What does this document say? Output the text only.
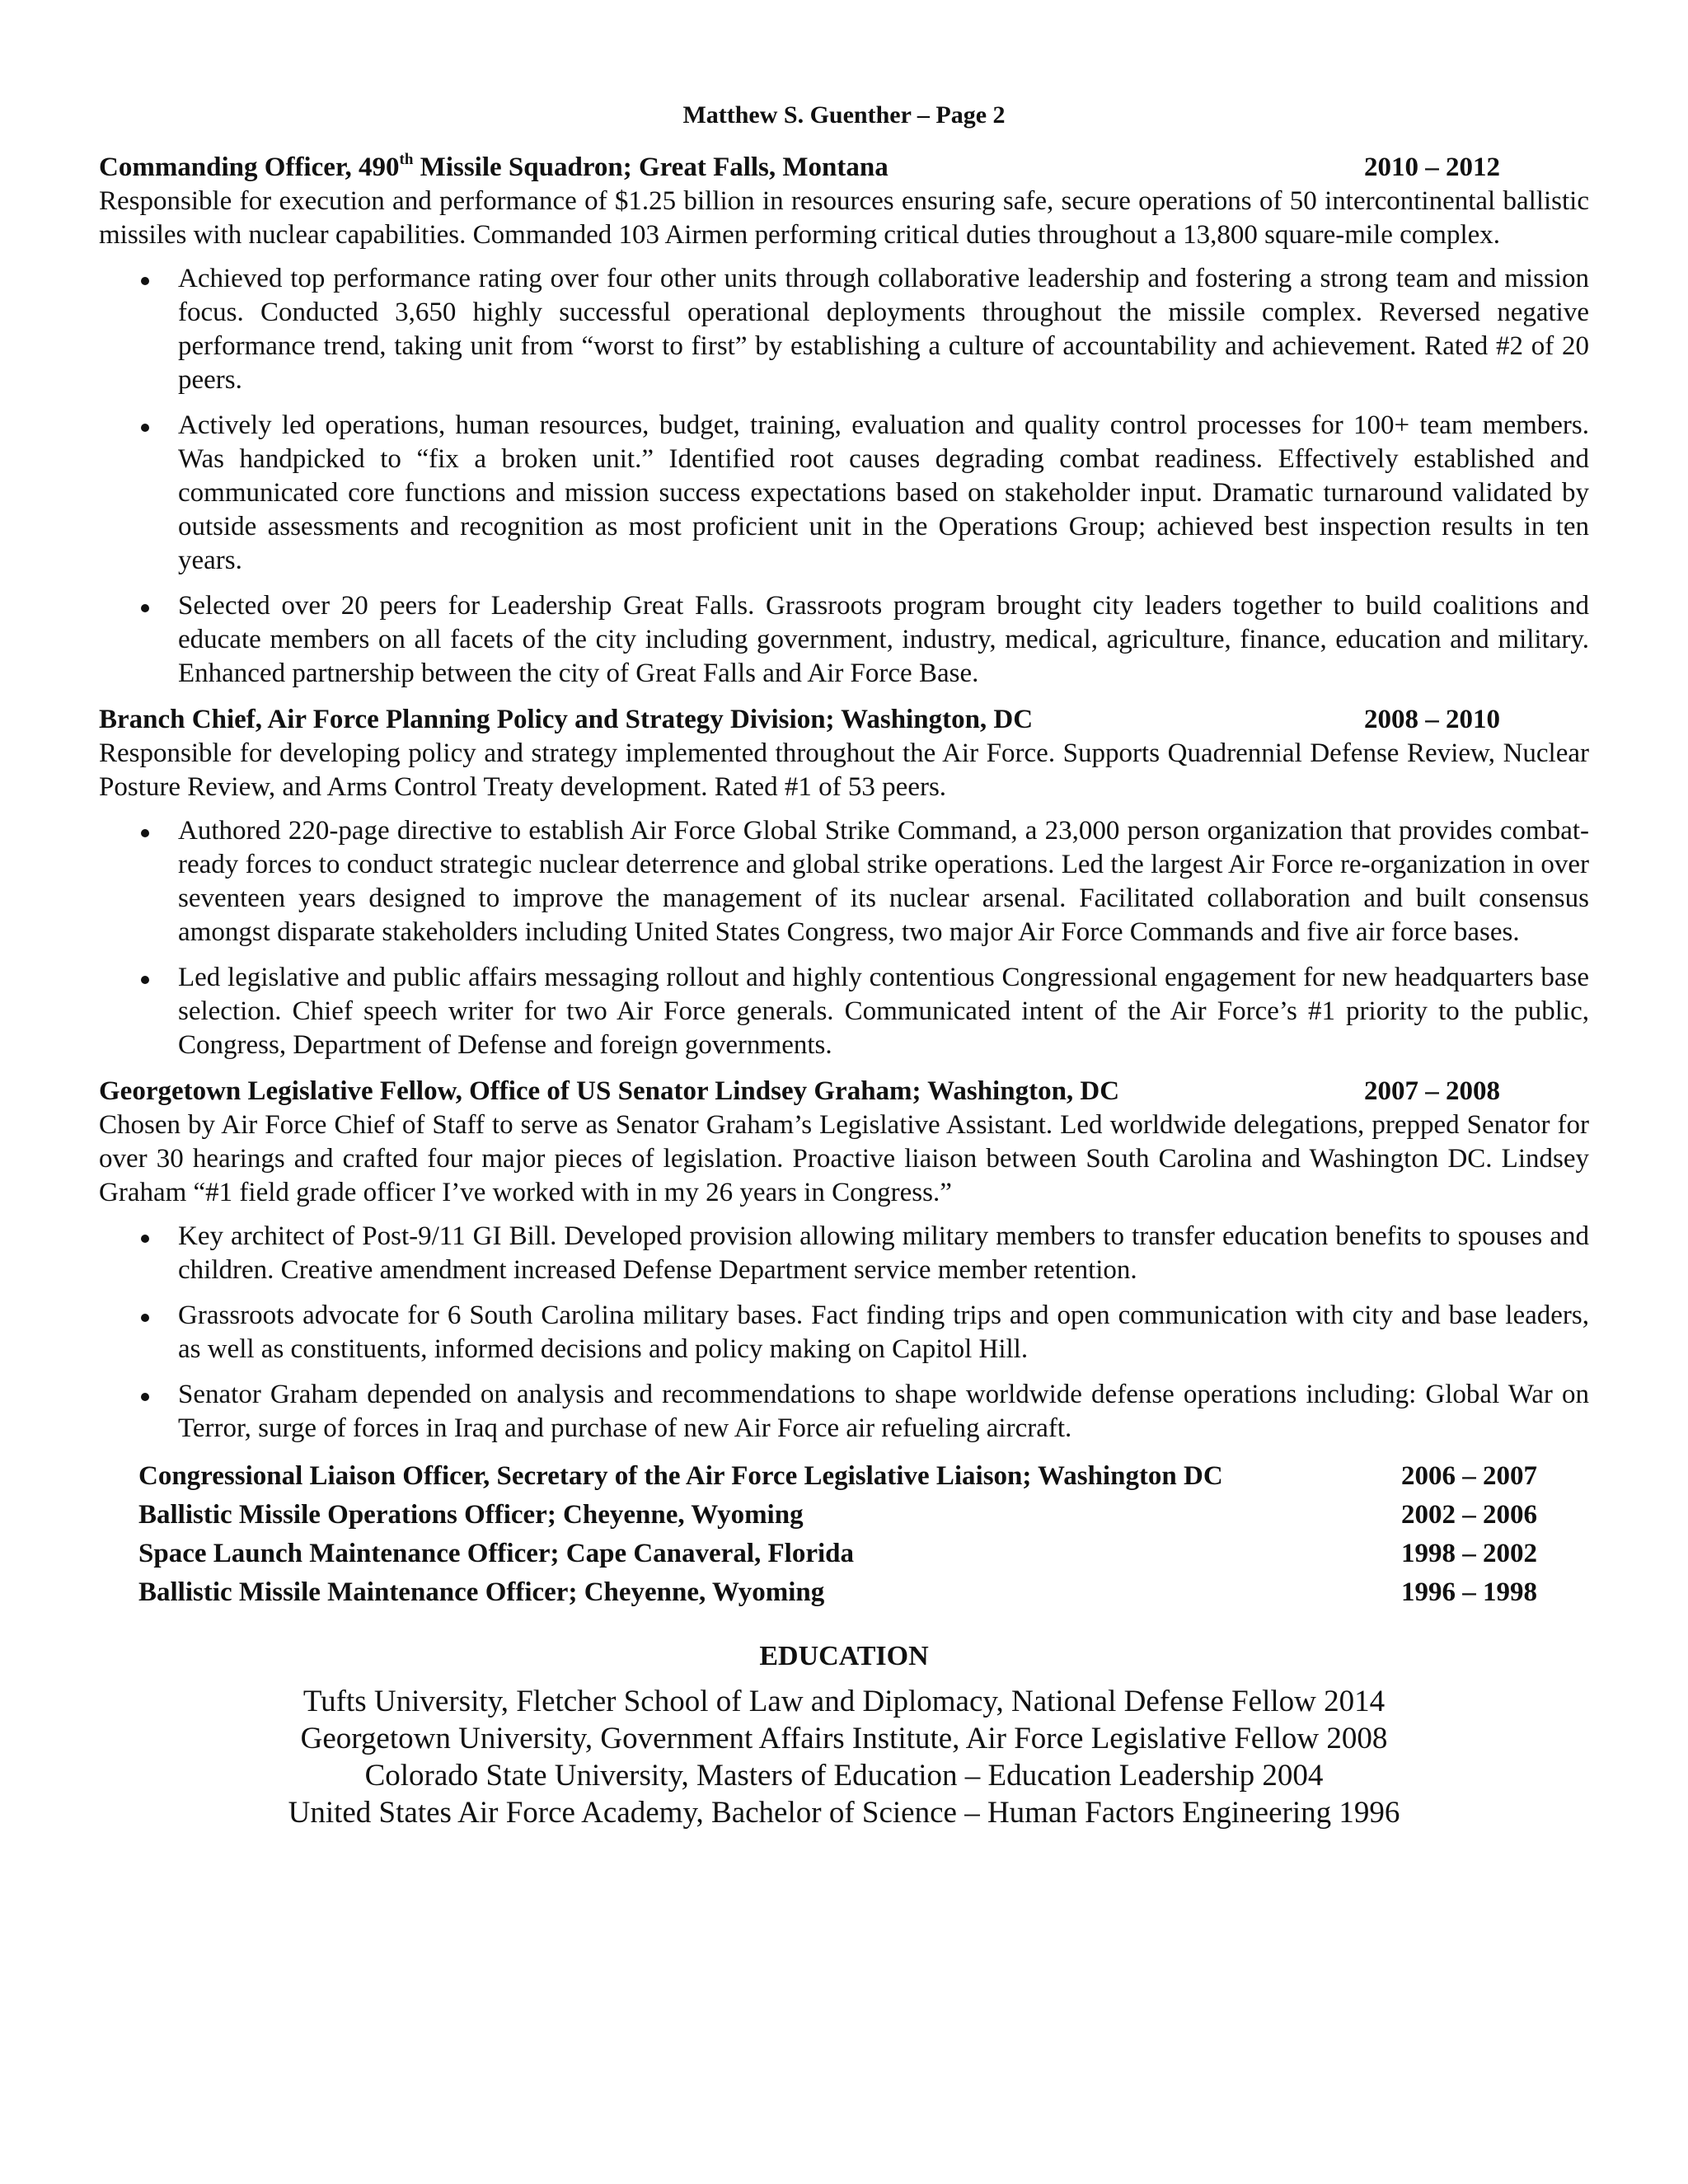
Matthew S. Guenther – Page 2
Commanding Officer, 490th Missile Squadron; Great Falls, Montana	2010 – 2012

Responsible for execution and performance of $1.25 billion in resources ensuring safe, secure operations of 50 intercontinental ballistic missiles with nuclear capabilities. Commanded 103 Airmen performing critical duties throughout a 13,800 square-mile complex.

Achieved top performance rating over four other units through collaborative leadership and fostering a strong team and mission focus. Conducted 3,650 highly successful operational deployments throughout the missile complex. Reversed negative performance trend, taking unit from “worst to first” by establishing a culture of accountability and achievement. Rated #2 of 20 peers.
Actively led operations, human resources, budget, training, evaluation and quality control processes for 100+ team members. Was handpicked to “fix a broken unit.” Identified root causes degrading combat readiness. Effectively established and communicated core functions and mission success expectations based on stakeholder input. Dramatic turnaround validated by outside assessments and recognition as most proficient unit in the Operations Group; achieved best inspection results in ten years.
Selected over 20 peers for Leadership Great Falls. Grassroots program brought city leaders together to build coalitions and educate members on all facets of the city including government, industry, medical, agriculture, finance, education and military. Enhanced partnership between the city of Great Falls and Air Force Base.
Branch Chief, Air Force Planning Policy and Strategy Division; Washington, DC	2008 – 2010

Responsible for developing policy and strategy implemented throughout the Air Force. Supports Quadrennial Defense Review, Nuclear Posture Review, and Arms Control Treaty development. Rated #1 of 53 peers.

Authored 220-page directive to establish Air Force Global Strike Command, a 23,000 person organization that provides combat-ready forces to conduct strategic nuclear deterrence and global strike operations. Led the largest Air Force re-organization in over seventeen years designed to improve the management of its nuclear arsenal. Facilitated collaboration and built consensus amongst disparate stakeholders including United States Congress, two major Air Force Commands and five air force bases.
Led legislative and public affairs messaging rollout and highly contentious Congressional engagement for new headquarters base selection. Chief speech writer for two Air Force generals. Communicated intent of the Air Force’s #1 priority to the public, Congress, Department of Defense and foreign governments.
Georgetown Legislative Fellow, Office of US Senator Lindsey Graham; Washington, DC	2007 – 2008

Chosen by Air Force Chief of Staff to serve as Senator Graham’s Legislative Assistant. Led worldwide delegations, prepped Senator for over 30 hearings and crafted four major pieces of legislation. Proactive liaison between South Carolina and Washington DC. Lindsey Graham “#1 field grade officer I’ve worked with in my 26 years in Congress.”

Key architect of Post-9/11 GI Bill. Developed provision allowing military members to transfer education benefits to spouses and children. Creative amendment increased Defense Department service member retention.
Grassroots advocate for 6 South Carolina military bases. Fact finding trips and open communication with city and base leaders, as well as constituents, informed decisions and policy making on Capitol Hill.
Senator Graham depended on analysis and recommendations to shape worldwide defense operations including: Global War on Terror, surge of forces in Iraq and purchase of new Air Force air refueling aircraft.
Congressional Liaison Officer, Secretary of the Air Force Legislative Liaison; Washington DC	2006 – 2007
Ballistic Missile Operations Officer; Cheyenne, Wyoming	2002 – 2006
Space Launch Maintenance Officer; Cape Canaveral, Florida	1998 – 2002
Ballistic Missile Maintenance Officer; Cheyenne, Wyoming	1996 – 1998
EDUCATION
Tufts University, Fletcher School of Law and Diplomacy, National Defense Fellow 2014
Georgetown University, Government Affairs Institute, Air Force Legislative Fellow 2008
Colorado State University, Masters of Education – Education Leadership 2004
United States Air Force Academy, Bachelor of Science – Human Factors Engineering 1996
